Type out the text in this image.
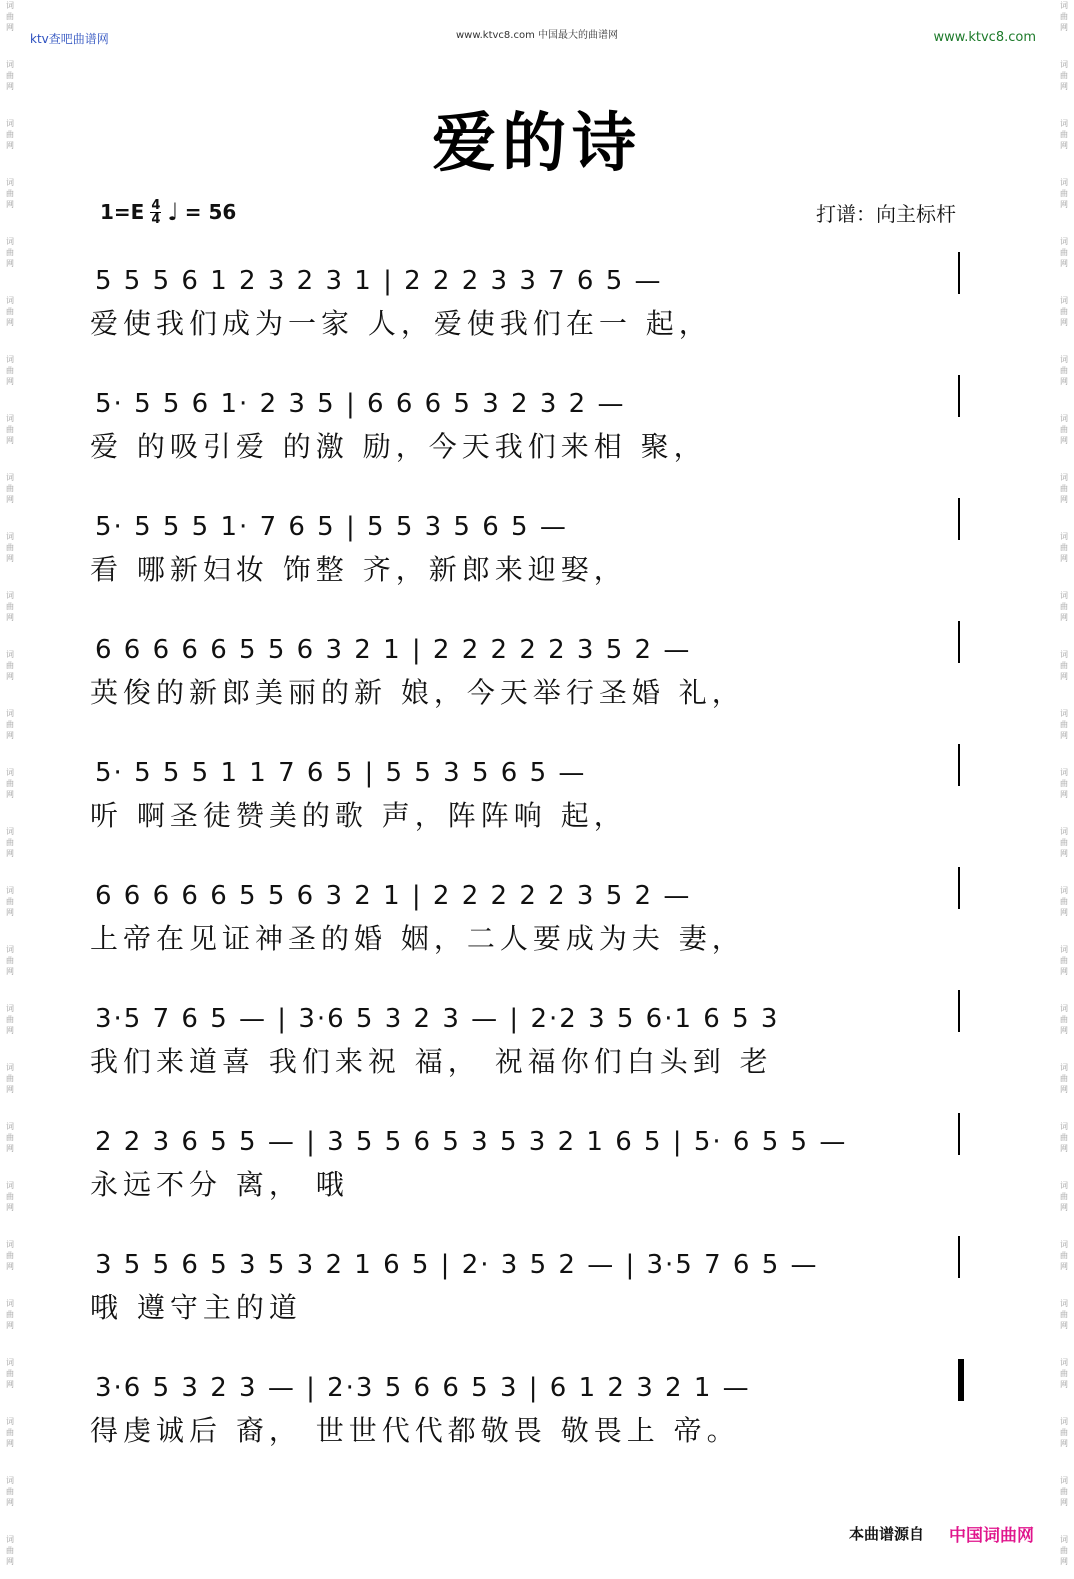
词
曲
网
词
曲
网
词
曲
网
词
曲
网
词
曲
网
词
曲
网
词
曲
网
词
曲
网
词
曲
网
词
曲
网
词
曲
网
词
曲
网
词
曲
网
词
曲
网
词
曲
网
词
曲
网
词
曲
网
词
曲
网
词
曲
网
词
曲
网
词
曲
网
词
曲
网
词
曲
网
词
曲
网
词
曲
网
词
曲
网
词
曲
网
词
曲
网
词
曲
网
词
曲
网
词
曲
网
词
曲
网
词
曲
网
词
曲
网
词
曲
网
词
曲
网
词
曲
网
词
曲
网
词
曲
网
词
曲
网
词
曲
网
词
曲
网
词
曲
网
词
曲
网
词
曲
网
词
曲
网
词
曲
网
词
曲
网
词
曲
网
词
曲
网
词
曲
网
词
曲
网
词
曲
网
词
曲
网
ktv查吧曲谱网	www.ktvc8.com 中国最大的曲谱网	www.ktvc8.com
爱的诗
$1=E \frac{4}{4}$ ♩ = 56	打谱：向主标杆
5 5 5 6 1 2 3 2 3 1 | 2 2 2 3 3 7 6 5 —
爱使我们成为一家 人，爱使我们在一 起，
5· 5 5 6 1· 2 3 5 | 6 6 6 5 3 2 3 2 —
爱 的吸引爱 的激 励，今天我们来相 聚，
5· 5 5 5 1· 7 6 5 | 5 5 3 5 6 5 —
看 哪新妇妆 饰整 齐，新郎来迎娶，
6 6 6 6 6 5 5 6 3 2 1 | 2 2 2 2 2 3 5 2 —
英俊的新郎美丽的新 娘，今天举行圣婚 礼，
5· 5 5 5 1 1 7 6 5 | 5 5 3 5 6 5 —
听 啊圣徒赞美的歌 声，阵阵响 起，
6 6 6 6 6 5 5 6 3 2 1 | 2 2 2 2 2 3 5 2 —
上帝在见证神圣的婚 姻，二人要成为夫 妻，
3·5 7 6 5 — | 3·6 5 3 2 3 — | 2·2 3 5 6·1 6 5 3
我们来道喜 我们来祝 福， 祝福你们白头到 老
2 2 3 6 5 5 — | 3 5 5 6 5 3 5 3 2 1 6 5 | 5· 6 5 5 —
永远不分 离， 哦
3 5 5 6 5 3 5 3 2 1 6 5 | 2· 3 5 2 — | 3·5 7 6 5 —
哦 遵守主的道
3·6 5 3 2 3 — | 2·3 5 6 6 5 3 | 6 1 2 3 2 1 —
得虔诚后 裔， 世世代代都敬畏 敬畏上 帝。
本曲谱源自 中国词曲网
